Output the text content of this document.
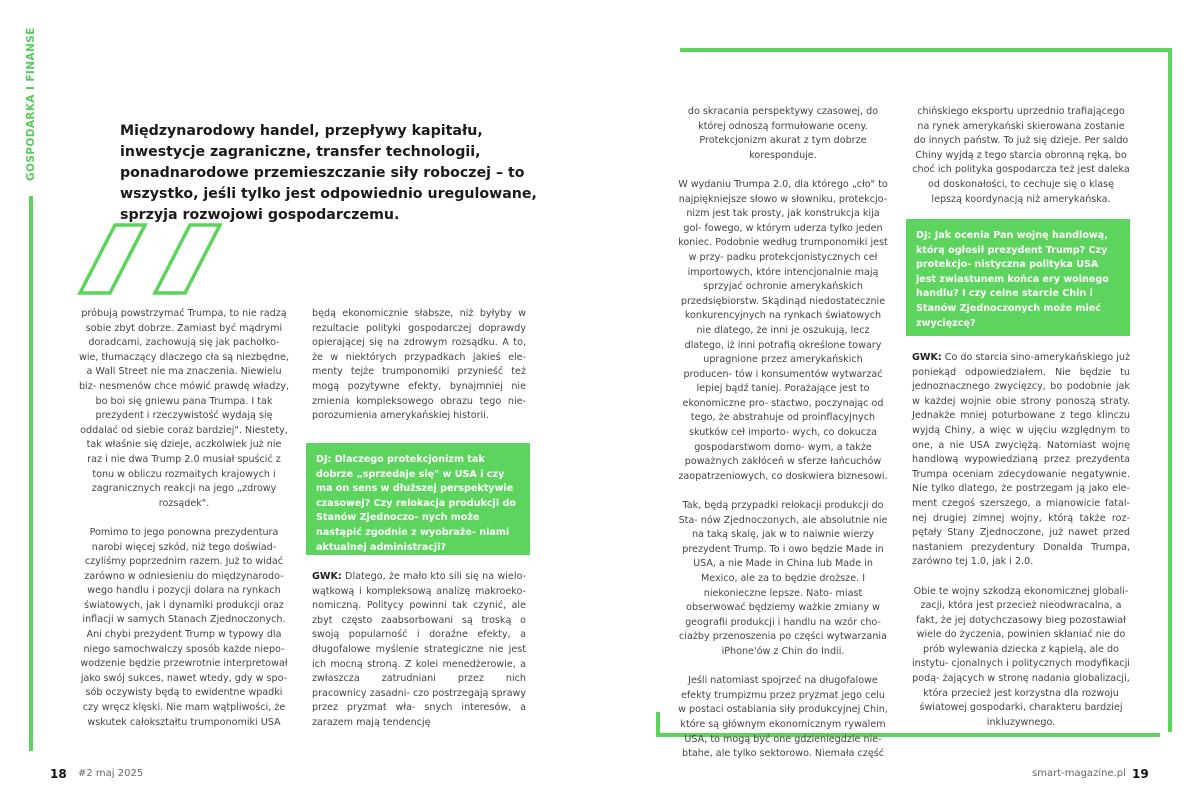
GOSPODARKA I FINANSE	Międzynarodowy handel, przepływy kapitału, inwestycje zagraniczne, transfer technologii, ponadnarodowe przemieszczanie siły roboczej – to wszystko, jeśli tylko jest odpowiednio uregulowane, sprzyja rozwojowi gospodarczemu.

próbują powstrzymać Trumpa, to nie radzą sobie zbyt dobrze. Zamiast być mądrymi doradcami, zachowują się jak pachołko- wie, tłumaczący dlaczego cła są niezbędne, a Wall Street nie ma znaczenia. Niewielu biz- nesmenów chce mówić prawdę władzy, bo boi się gniewu pana Trumpa. I tak prezydent i rzeczywistość wydają się oddalać od siebie coraz bardziej". Niestety, tak właśnie się dzieje, aczkolwiek już nie raz i nie dwa Trump 2.0 musiał spuścić z tonu w obliczu rozmaitych krajowych i zagranicznych reakcji na jego „zdrowy rozsądek".

Pomimo to jego ponowna prezydentura narobi więcej szkód, niż tego doświad- czyliśmy poprzednim razem. Już to widać zarówno w odniesieniu do międzynarodo- wego handlu i pozycji dolara na rynkach światowych, jak i dynamiki produkcji oraz inflacji w samych Stanach Zjednoczonych. Ani chybi prezydent Trump w typowy dla niego samochwalczy sposób każde niepo- wodzenie będzie przewrotnie interpretował jako swój sukces, nawet wtedy, gdy w spo- sób oczywisty będą to ewidentne wpadki czy wręcz klęski. Nie mam wątpliwości, że wskutek całokształtu trumponomiki USA

będą ekonomicznie słabsze, niż byłyby w rezultacie polityki gospodarczej doprawdy opierającej się na zdrowym rozsądku. A to, że w niektórych przypadkach jakieś ele- menty tejże trumponomiki przynieść też mogą pozytywne efekty, bynajmniej nie zmienia kompleksowego obrazu tego nie- porozumienia amerykańskiej historii.

DJ: Dlaczego protekcjonizm tak dobrze „sprzedaje się" w USA i czy ma on sens w dłuższej perspektywie czasowej? Czy relokacja produkcji do Stanów Zjednoczo- nych może nastąpić zgodnie z wyobraże- niami aktualnej administracji?

GWK: Dlatego, że mało kto sili się na wielo- wątkową i kompleksową analizę makroeko- nomiczną. Politycy powinni tak czynić, ale zbyt często zaabsorbowani są troską o swoją popularność i doraźne efekty, a długofalowe myślenie strategiczne nie jest ich mocną stroną. Z kolei menedżerowie, a zwłaszcza zatrudniani przez nich pracownicy zasadni- czo postrzegają sprawy przez pryzmat wła- snych interesów, a zarazem mają tendencję

18 #2 maj 2025

do skracania perspektywy czasowej, do której odnoszą formułowane oceny. Protekcjonizm akurat z tym dobrze koresponduje.

W wydaniu Trumpa 2.0, dla którego „cło" to najpiękniejsze słowo w słowniku, protekcjo- nizm jest tak prosty, jak konstrukcja kija gol- fowego, w którym uderza tylko jeden koniec. Podobnie według trumponomiki jest w przy- padku protekcjonistycznych ceł importowych, które intencjonalnie mają sprzyjać ochronie amerykańskich przedsiębiorstw. Skądinąd niedostatecznie konkurencyjnych na rynkach światowych nie dlatego, że inni je oszukują, lecz dlatego, iż inni potrafią określone towary upragnione przez amerykańskich producen- tów i konsumentów wytwarzać lepiej bądź taniej. Porażające jest to ekonomiczne pro- stactwo, poczynając od tego, że abstrahuje od proinflacyjnych skutków ceł importo- wych, co dokucza gospodarstwom domo- wym, a także poważnych zakłóceń w sferze łańcuchów zaopatrzeniowych, co doskwiera biznesowi.

Tak, będą przypadki relokacji produkcji do Sta- nów Zjednoczonych, ale absolutnie nie na taką skalę, jak w to naiwnie wierzy prezydent Trump. To i owo będzie Made in USA, a nie Made in China lub Made in Mexico, ale za to będzie droższe. I niekonieczne lepsze. Nato- miast obserwować będziemy ważkie zmiany w geografii produkcji i handlu na wzór cho- ciażby przenoszenia po części wytwarzania iPhone'ów z Chin do Indii.

Jeśli natomiast spojrzeć na długofalowe efekty trumpizmu przez pryzmat jego celu w postaci ostabiania siły produkcyjnej Chin, które są głównym ekonomicznym rywalem USA, to mogą być one gdzieniegdzie nie- btahe, ale tylko sektorowo. Niemała część

chińskiego eksportu uprzednio trafiającego na rynek amerykański skierowana zostanie do innych państw. To już się dzieje. Per saldo Chiny wyjdą z tego starcia obronną ręką, bo choć ich polityka gospodarcza też jest daleka od doskonałości, to cechuje się o klasę lepszą koordynacją niż amerykańska.

DJ: Jak ocenia Pan wojnę handlową, którą ogłosił prezydent Trump? Czy protekcjo- nistyczna polityka USA jest zwiastunem końca ery wolnego handlu? I czy celne starcie Chin i Stanów Zjednoczonych może mieć zwycięzcę?

GWK: Co do starcia sino-amerykańskiego już poniekąd odpowiedziałem. Nie będzie tu jednoznacznego zwycięzcy, bo podobnie jak w każdej wojnie obie strony ponoszą straty. Jednakże mniej poturbowane z tego klinczu wyjdą Chiny, a więc w ujęciu względnym to one, a nie USA zwyciężą. Natomiast wojnę handlową wypowiedzianą przez prezydenta Trumpa oceniam zdecydowanie negatywnie. Nie tylko dlatego, że postrzegam ją jako ele- ment czegoś szerszego, a mianowicie fatal- nej drugiej zimnej wojny, którą także roz- pętały Stany Zjednoczone, już nawet przed nastaniem prezydentury Donalda Trumpa, zarówno tej 1.0, jak i 2.0.

Obie te wojny szkodzą ekonomicznej globali- zacji, która jest przecież nieodwracalna, a fakt, że jej dotychczasowy bieg pozostawiał wiele do życzenia, powinien skłaniać nie do prób wylewania dziecka z kąpielą, ale do instytu- cjonalnych i politycznych modyfikacji podą- żających w stronę nadania globalizacji, która przecież jest korzystna dla rozwoju światowej gospodarki, charakteru bardziej inkluzywnego.

smart-magazine.pl 19
